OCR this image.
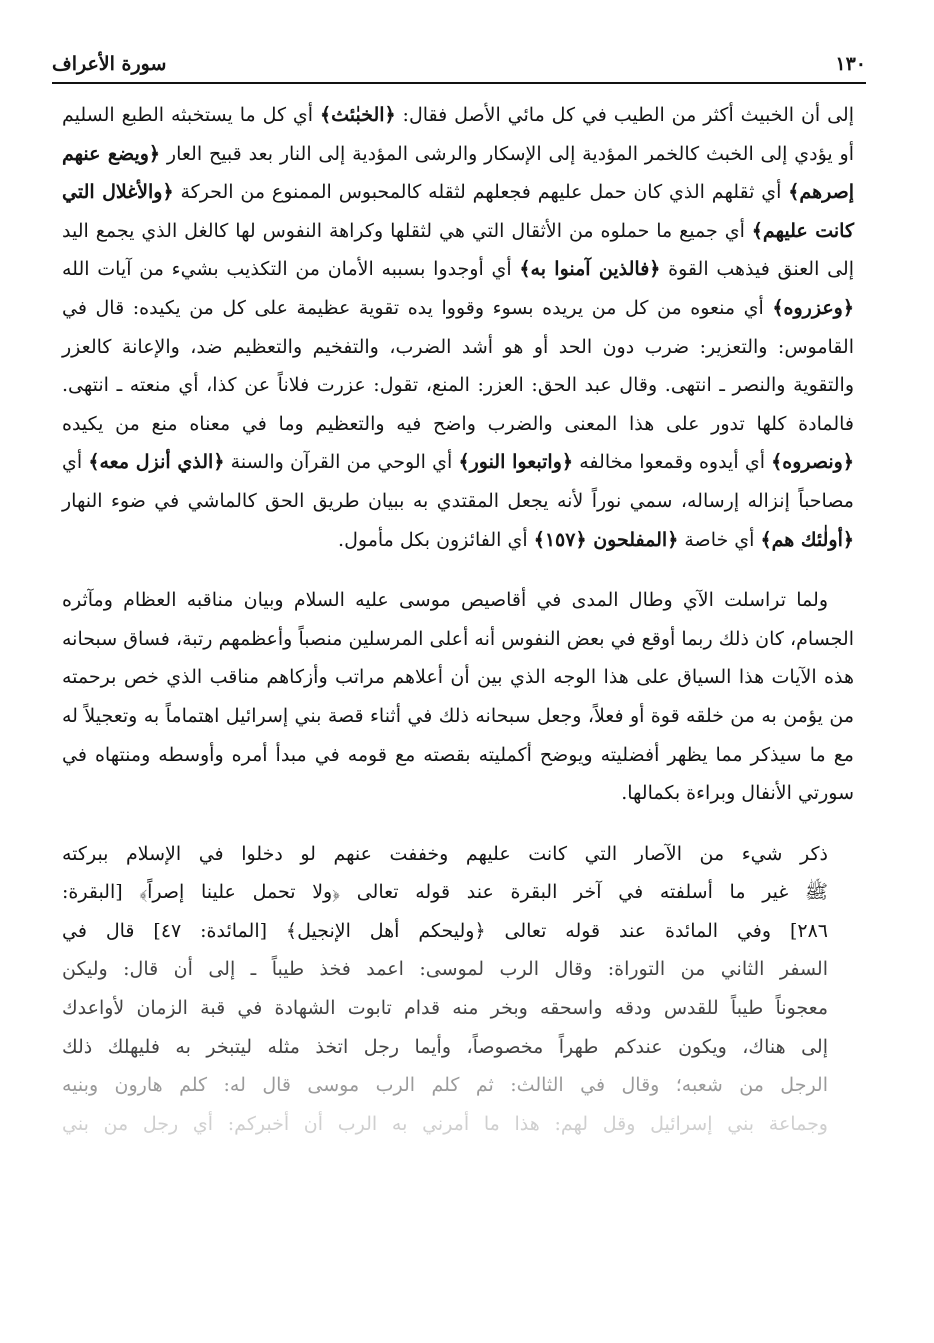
١٣٠
سورة الأعراف

إلى أن الخبيث أكثر من الطيب في كل مائي الأصل فقال: ﴿الخبٰئث﴾ أي كل ما يستخبثه الطبع السليم أو يؤدي إلى الخبث كالخمر المؤدية إلى الإسكار والرشى المؤدية إلى النار بعد قبيح العار ﴿ويضع عنهم إصرهم﴾ أي ثقلهم الذي كان حمل عليهم فجعلهم لثقله كالمحبوس الممنوع من الحركة ﴿والأغلال التي كانت عليهم﴾ أي جميع ما حملوه من الأثقال التي هي لثقلها وكراهة النفوس لها كالغل الذي يجمع اليد إلى العنق فيذهب القوة ﴿فالذين آمنوا به﴾ أي أوجدوا بسببه الأمان من التكذيب بشيء من آيات الله ﴿وعزروه﴾ أي منعوه من كل من يريده بسوء وقووا يده تقوية عظيمة على كل من يكيده: قال في القاموس: والتعزير: ضرب دون الحد أو هو أشد الضرب، والتفخيم والتعظيم ضد، والإعانة كالعزر والتقوية والنصر ـ انتهى. وقال عبد الحق: العزر: المنع، تقول: عزرت فلاناً عن كذا، أي منعته ـ انتهى. فالمادة كلها تدور على هذا المعنى والضرب واضح فيه والتعظيم وما في معناه منع من يكيده ﴿ونصروه﴾ أي أيدوه وقمعوا مخالفه ﴿واتبعوا النور﴾ أي الوحي من القرآن والسنة ﴿الذي أنزل معه﴾ أي مصاحباً إنزاله إرساله، سمي نوراً لأنه يجعل المقتدي به ببيان طريق الحق كالماشي في ضوء النهار ﴿أولٰئك هم﴾ أي خاصة ﴿المفلحون ﴿١٥٧﴾ أي الفائزون بكل مأمول.

ولما تراسلت الآي وطال المدى في أقاصيص موسى عليه السلام وبيان مناقبه العظام ومآثره الجسام، كان ذلك ربما أوقع في بعض النفوس أنه أعلى المرسلين منصباً وأعظمهم رتبة، فساق سبحانه هذه الآيات هذا السياق على هذا الوجه الذي بين أن أعلاهم مراتب وأزكاهم مناقب الذي خص برحمته من يؤمن به من خلقه قوة أو فعلاً، وجعل سبحانه ذلك في أثناء قصة بني إسرائيل اهتماماً به وتعجيلاً له مع ما سيذكر مما يظهر أفضليته ويوضح أكمليته بقصته مع قومه في مبدأ أمره وأوسطه ومنتهاه في سورتي الأنفال وبراءة بكمالها.

ذكر شيء من الآصار التي كانت عليهم وخففت عنهم لو دخلوا في الإسلام ببركته
ﷺ غير ما أسلفته في آخر البقرة عند قوله تعالى ﴿ولا تحمل علينا إصراً﴾ [البقرة:
٢٨٦] وفي المائدة عند قوله تعالى ﴿وليحكم أهل الإنجيل﴾ [المائدة: ٤٧] قال في
السفر الثاني من التوراة: وقال الرب لموسى: اعمد فخذ طيباً ـ إلى أن قال: وليكن
معجوناً طيباً للقدس ودقه واسحقه وبخر منه قدام تابوت الشهادة في قبة الزمان لأواعدك
إلى هناك، ويكون عندكم طهراً مخصوصاً، وأيما رجل اتخذ مثله ليتبخر به فليهلك ذلك
الرجل من شعبه؛ وقال في الثالث: ثم كلم الرب موسى قال له: كلم هارون وبنيه
وجماعة بني إسرائيل وقل لهم: هذا ما أمرني به الرب أن أخبركم: أي رجل من بني
